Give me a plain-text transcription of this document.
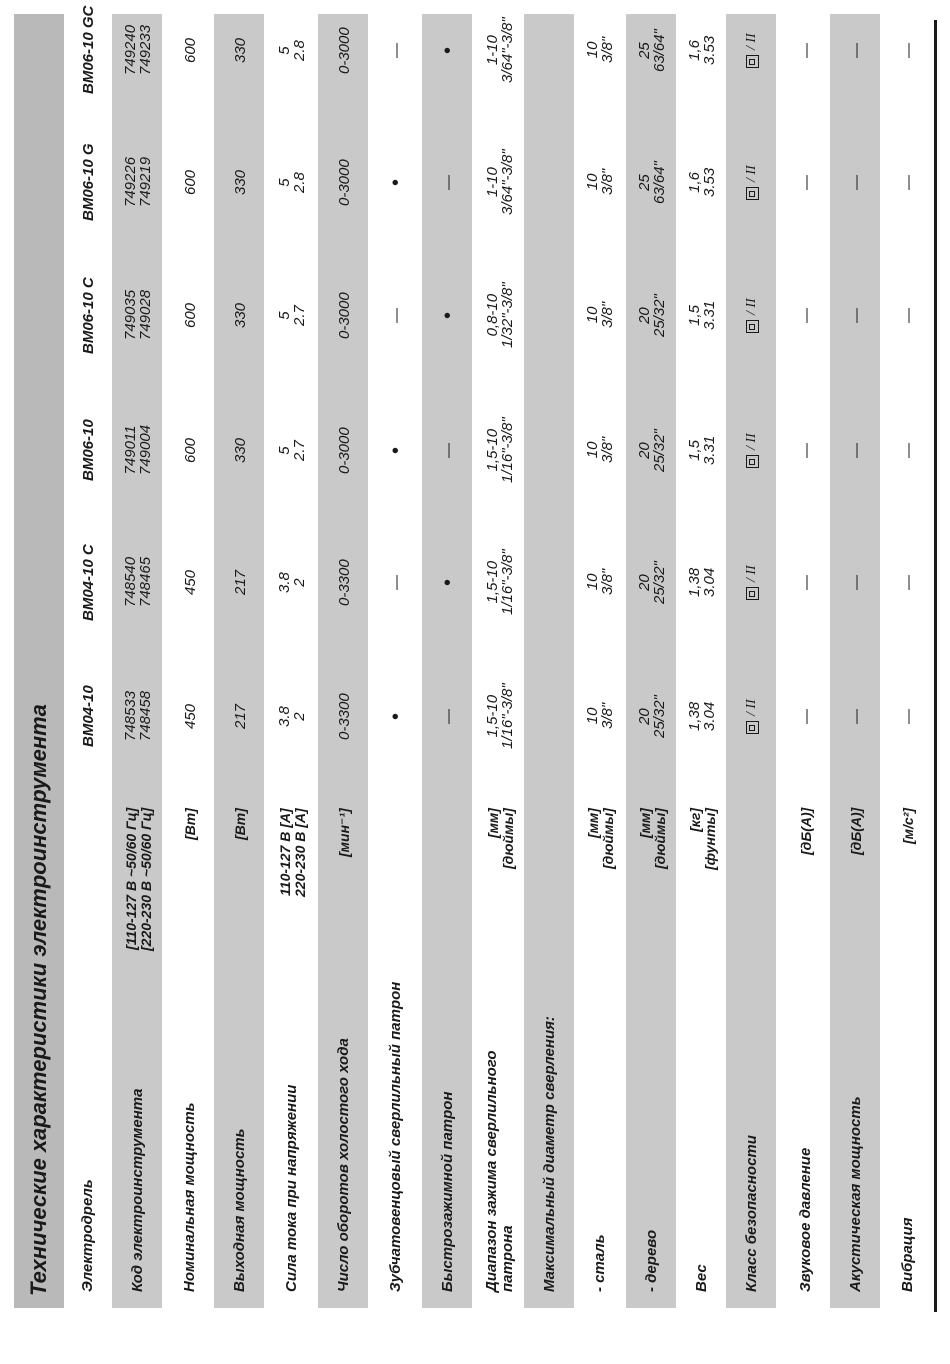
Технические характеристики электроинструмента Электродрель
BM04-10
BM04-10 C
BM06-10
BM06-10 C
BM06-10 G
BM06-10 GC
Код электроинструмента
[110-127 В ~50/60 Гц]
[220-230 В ~50/60 Гц]
748533
748458
748540
748465
749011
749004
749035
749028
749226
749219
749240
749233
Номинальная мощность
[Вт]
450
450
600
600
600
600
Выходная мощность
[Вт]
217
217
330
330
330
330
Сила тока при напряжении
110-127 В [А]
220-230 В [А]
3.8
2
3.8
2
5
2.7
5
2.7
5
2.8
5
2.8
Число оборотов холостого хода
[мин⁻¹]
0-3300
0-3300
0-3000
0-3000
0-3000
0-3000
Зубчатовенцовый сверлильный патрон
•
—
•
—
•
—
Быстрозажимной патрон
—
•
—
•
—
•
Диапазон зажима сверлильного
патрона
[мм]
[дюймы]
1,5-10
1/16"-3/8"
1,5-10
1/16"-3/8"
1,5-10
1/16"-3/8"
0,8-10
1/32"-3/8"
1-10
3/64"-3/8"
1-10
3/64"-3/8"
Максимальный диаметр сверления: - сталь
[мм]
[дюймы]
10
3/8"
10
3/8"
10
3/8"
10
3/8"
10
3/8"
10
3/8"
- дерево
[мм]
[дюймы]
20
25/32"
20
25/32"
20
25/32"
20
25/32"
25
63/64"
25
63/64"
Вес
[кг]
[фунты]
1,38
3.04
1,38
3.04
1,5
3.31
1,5
3.31
1,6
3.53
1,6
3.53
Класс безопасности
/ II
/ II
/ II
/ II
/ II
/ II
Звуковое давление
[дБ(A)]
—
—
—
—
—
—
Акустическая мощность
[дБ(A)]
—
—
—
—
—
—
Вибрация
[м/с²]
—
—
—
—
—
—
